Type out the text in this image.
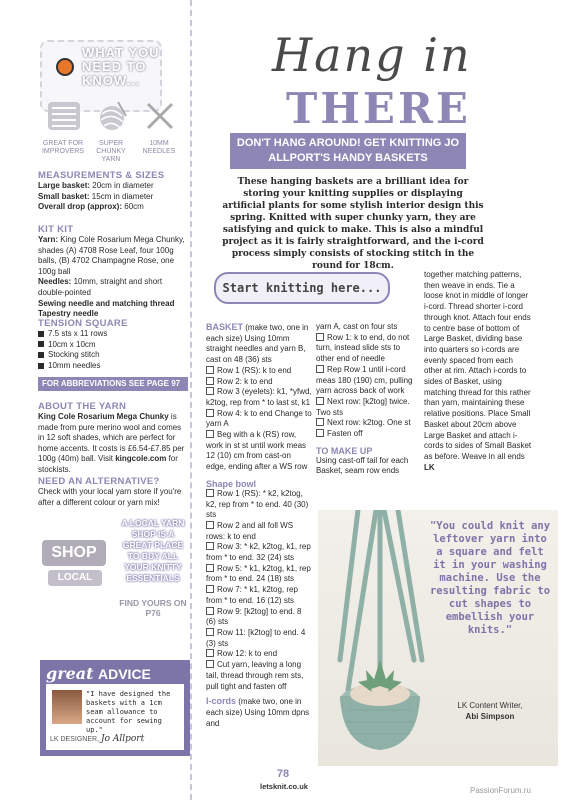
WHAT YOU NEED TO KNOW...
GREAT FOR IMPROVERS
SUPER CHUNKY YARN
10MM NEEDLES
MEASUREMENTS & SIZES
Large basket: 20cm in diameter
Small basket: 15cm in diameter
Overall drop (approx): 60cm
KIT KIT
Yarn: King Cole Rosarium Mega Chunky, shades (A) 4708 Rose Leaf, four 100g balls, (B) 4702 Champagne Rose, one 100g ball
Needles: 10mm, straight and short double-pointed
Sewing needle and matching thread
Tapestry needle
TENSION SQUARE
7.5 sts x 11 rows
10cm x 10cm
Stocking stitch
10mm needles
FOR ABBREVIATIONS SEE PAGE 97
ABOUT THE YARN
King Cole Rosarium Mega Chunky is made from pure merino wool and comes in 12 soft shades, which are perfect for home accents. It costs is £6.54-£7.85 per 100g (40m) ball. Visit kingcole.com for stockists.
NEED AN ALTERNATIVE?
Check with your local yarn store if you're after a different colour or yarn mix!
SHOP
LOCAL
A LOCAL YARN SHOP IS A GREAT PLACE TO BUY ALL YOUR KNITTY ESSENTIALS
FIND YOURS ON P76
great ADVICE
"I have designed the baskets with a 1cm seam allowance to account for sewing up."
LK DESIGNER, Jo Allport
Hang in
THERE
DON'T HANG AROUND! GET KNITTING JO ALLPORT'S HANDY BASKETS
These hanging baskets are a brilliant idea for storing your knitting supplies or displaying artificial plants for some stylish interior design this spring. Knitted with super chunky yarn, they are satisfying and quick to make. This is also a mindful project as it is fairly straightforward, and the i-cord process simply consists of stocking stitch in the round for 18cm.
Start knitting here...
BASKET (make two, one in each size) Using 10mm straight needles and yarn B, cast on 48 (36) sts
Row 1 (RS): k to end
Row 2: k to end
Row 3 (eyelets): k1, *yfwd, k2tog, rep from * to last st, k1
Row 4: k to end Change to yarn A
Beg with a k (RS) row, work in st st until work meas 12 (10) cm from cast-on edge, ending after a WS row
Shape bowl
Row 1 (RS): * k2, k2tog, k2, rep from * to end. 40 (30) sts
Row 2 and all foll WS rows: k to end
Row 3: * k2, k2tog, k1, rep from * to end. 32 (24) sts
Row 5: * k1, k2tog, k1, rep from * to end. 24 (18) sts
Row 7: * k1, k2tog, rep from * to end. 16 (12) sts
Row 9: [k2tog] to end. 8 (6) sts
Row 11: [k2tog] to end. 4 (3) sts
Row 12: k to end
Cut yarn, leaving a long tail, thread through rem sts, pull tight and fasten off
I-cords (make two, one in each size) Using 10mm dpns and
yarn A, cast on four sts
Row 1: k to end, do not turn, instead slide sts to other end of needle
Rep Row 1 until i-cord meas 180 (190) cm, pulling yarn across back of work
Next row: [k2tog] twice. Two sts
Next row: k2tog. One st
Fasten off
TO MAKE UP
Using cast-off tail for each Basket, seam row ends
together matching patterns, then weave in ends. Tie a loose knot in middle of longer i-cord. Thread shorter i-cord through knot. Attach four ends to centre base of bottom of Large Basket, dividing base into quarters so i-cords are evenly spaced from each other at rim. Attach i-cords to sides of Basket, using matching thread for this rather than yarn, maintaining these relative positions. Place Small Basket about 20cm above Large Basket and attach i-cords to sides of Small Basket as before. Weave in all ends LK
"You could knit any leftover yarn into a square and felt it in your washing machine. Use the resulting fabric to cut shapes to embellish your knits."
LK Content Writer,
Abi Simpson
78
letsknit.co.uk	PassionForum.ru
